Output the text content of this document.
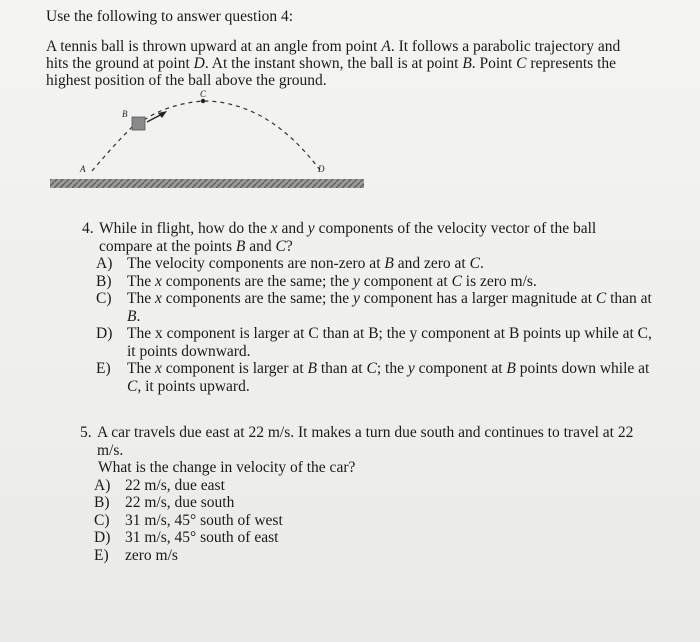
Use the following to answer question 4:
A tennis ball is thrown upward at an angle from point A. It follows a parabolic trajectory and hits the ground at point D. At the instant shown, the ball is at point B. Point C represents the highest position of the ball above the ground.
A
B
C
D
4. While in flight, how do the x and y components of the velocity vector of the ball compare at the points B and C?
A) The velocity components are non-zero at B and zero at C.
B)	The x components are the same; the y component at C is zero m/s.
C)	The x components are the same; the y component has a larger magnitude at C than at B.
D) The x component is larger at C than at B; the y component at B points up while at C, it points downward.
E)	The x component is larger at B than at C; the y component at B points down while at C, it points upward.
5. A car travels due east at 22 m/s. It makes a turn due south and continues to travel at 22 m/s.
What is the change in velocity of the car?
A) 22 m/s, due east
B)	22 m/s, due south
C)	31 m/s, 45° south of west
D) 31 m/s, 45° south of east
E)	zero m/s
